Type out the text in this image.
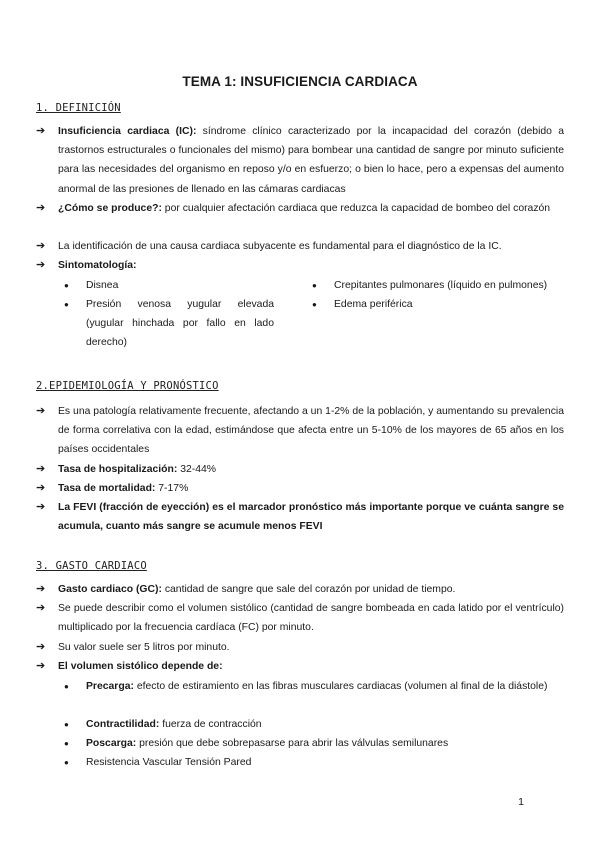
TEMA 1: INSUFICIENCIA CARDIACA
1. DEFINICIÓN
➔ Insuficiencia cardiaca (IC): síndrome clínico caracterizado por la incapacidad del corazón (debido a trastornos estructurales o funcionales del mismo) para bombear una cantidad de sangre por minuto suficiente para las necesidades del organismo en reposo y/o en esfuerzo; o bien lo hace, pero a expensas del aumento anormal de las presiones de llenado en las cámaras cardiacas
➔ ¿Cómo se produce?: por cualquier afectación cardiaca que reduzca la capacidad de bombeo del corazón
➔ La identificación de una causa cardiaca subyacente es fundamental para el diagnóstico de la IC.
➔ Sintomatología:
● Disnea
● Presión venosa yugular elevada (yugular hinchada por fallo en lado derecho)
● Crepitantes pulmonares (líquido en pulmones)
● Edema periférica
2.EPIDEMIOLOGÍA Y PRONÓSTICO
➔ Es una patología relativamente frecuente, afectando a un 1-2% de la población, y aumentando su prevalencia de forma correlativa con la edad, estimándose que afecta entre un 5-10% de los mayores de 65 años en los países occidentales
➔ Tasa de hospitalización: 32-44%
➔ Tasa de mortalidad: 7-17%
➔ La FEVI (fracción de eyección) es el marcador pronóstico más importante porque ve cuánta sangre se acumula, cuanto más sangre se acumule menos FEVI
3. GASTO CARDIACO
➔ Gasto cardiaco (GC): cantidad de sangre que sale del corazón por unidad de tiempo.
➔ Se puede describir como el volumen sistólico (cantidad de sangre bombeada en cada latido por el ventrículo) multiplicado por la frecuencia cardíaca (FC) por minuto.
➔ Su valor suele ser 5 litros por minuto.
➔ El volumen sistólico depende de:
● Precarga: efecto de estiramiento en las fibras musculares cardiacas (volumen al final de la diástole)
● Contractilidad: fuerza de contracción
● Poscarga: presión que debe sobrepasarse para abrir las válvulas semilunares
● Resistencia Vascular Tensión Pared
1
